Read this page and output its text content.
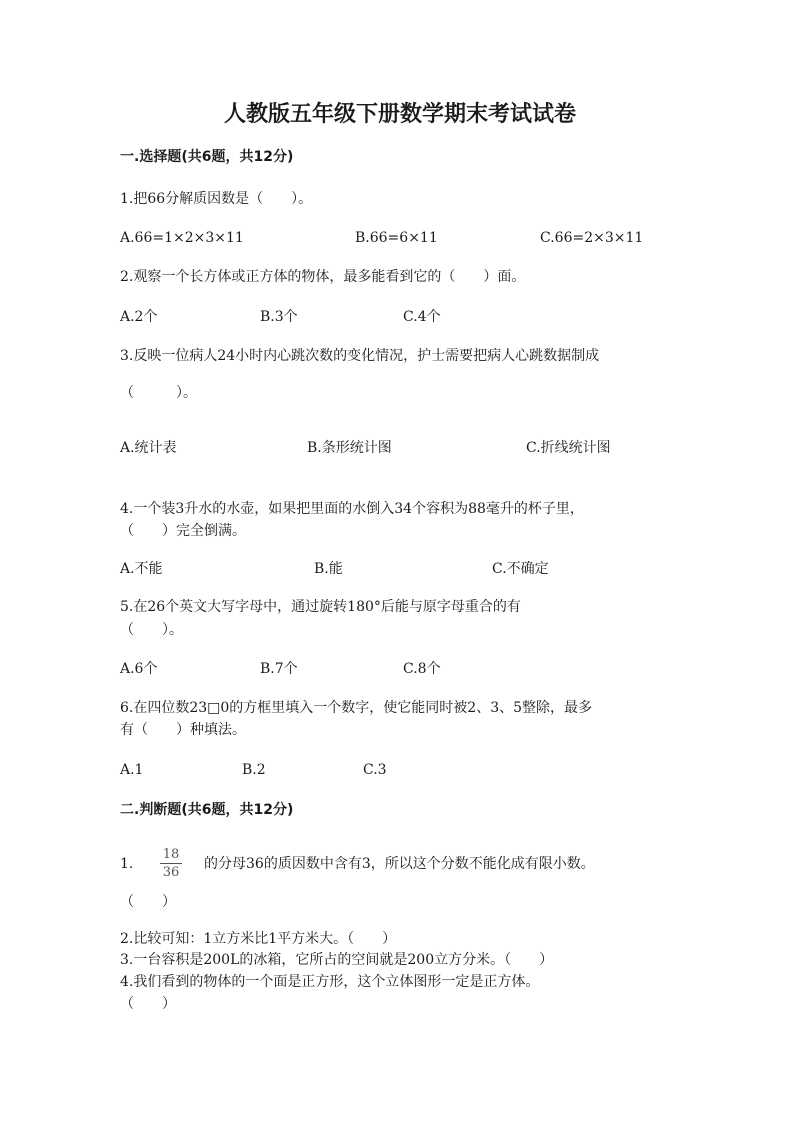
人教版五年级下册数学期末考试试卷
一.选择题(共6题，共12分)
1.把66分解质因数是（　　）。
A.66=1×2×3×11	B.66=6×11	C.66=2×3×11
2.观察一个长方体或正方体的物体，最多能看到它的（　　）面。
A.2个	B.3个	C.4个
3.反映一位病人24小时内心跳次数的变化情况，护士需要把病人心跳数据制成
（　　　）。
A.统计表	B.条形统计图	C.折线统计图
4.一个装3升水的水壶，如果把里面的水倒入34个容积为88毫升的杯子里，
（　　）完全倒满。
A.不能	B.能	C.不确定
5.在26个英文大写字母中，通过旋转180°后能与原字母重合的有
（　　）。
A.6个	B.7个	C.8个
6.在四位数23□0的方框里填入一个数字，使它能同时被2、3、5整除，最多
有（　　）种填法。
A.1	B.2	C.3
二.判断题(共6题，共12分)
1.
18
36
的分母36的质因数中含有3，所以这个分数不能化成有限小数。
（　　）
2.比较可知：1立方米比1平方米大。（　　）
3.一台容积是200L的冰箱，它所占的空间就是200立方分米。（　　）
4.我们看到的物体的一个面是正方形，这个立体图形一定是正方体。
（　　）
